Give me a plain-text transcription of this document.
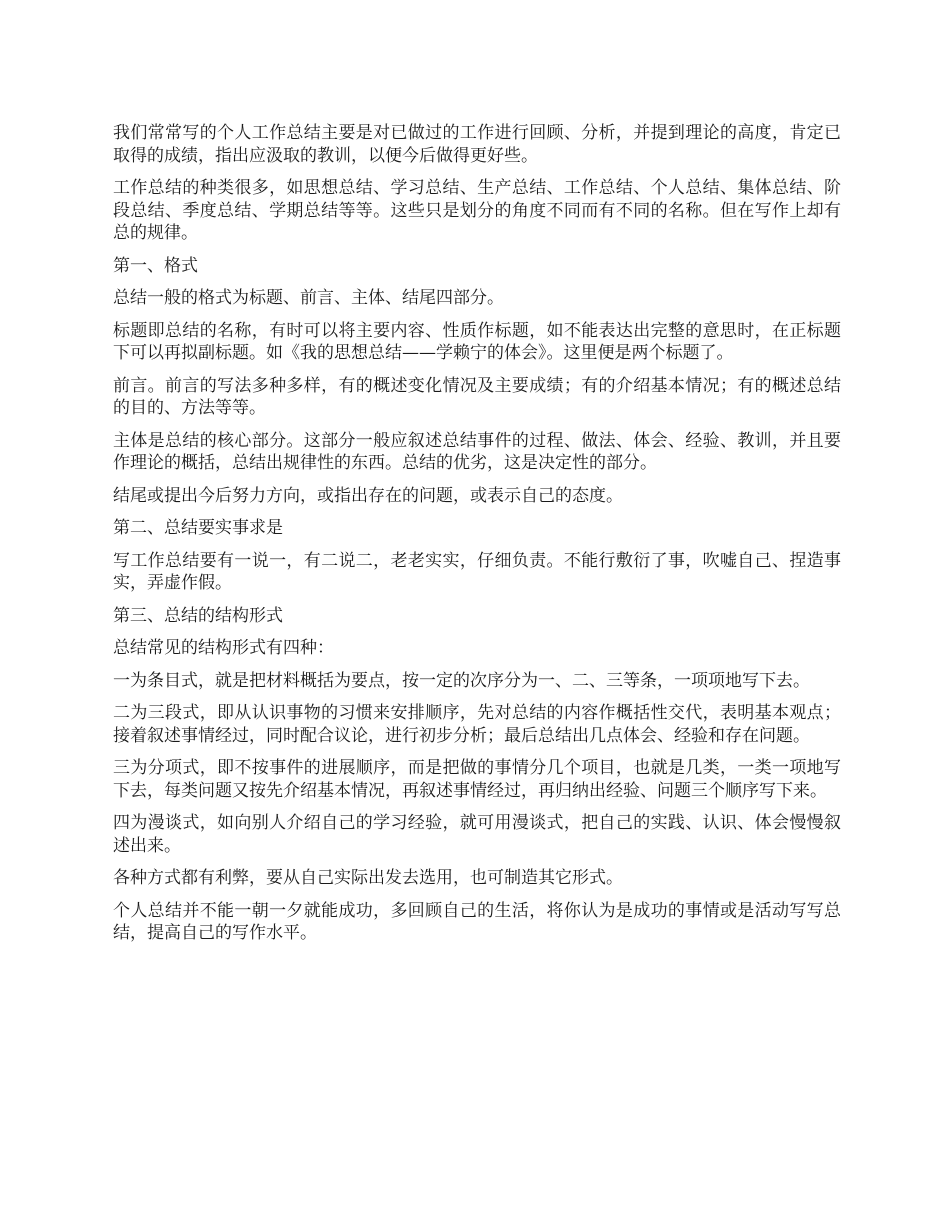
我们常常写的个人工作总结主要是对已做过的工作进行回顾、分析，并提到理论的高度，肯定已取得的成绩，指出应汲取的教训，以便今后做得更好些。

工作总结的种类很多，如思想总结、学习总结、生产总结、工作总结、个人总结、集体总结、阶段总结、季度总结、学期总结等等。这些只是划分的角度不同而有不同的名称。但在写作上却有总的规律。

第一、格式

总结一般的格式为标题、前言、主体、结尾四部分。

标题即总结的名称，有时可以将主要内容、性质作标题，如不能表达出完整的意思时，在正标题下可以再拟副标题。如《我的思想总结——学赖宁的体会》。这里便是两个标题了。

前言。前言的写法多种多样，有的概述变化情况及主要成绩；有的介绍基本情况；有的概述总结的目的、方法等等。

主体是总结的核心部分。这部分一般应叙述总结事件的过程、做法、体会、经验、教训，并且要作理论的概括，总结出规律性的东西。总结的优劣，这是决定性的部分。

结尾或提出今后努力方向，或指出存在的问题，或表示自己的态度。

第二、总结要实事求是

写工作总结要有一说一，有二说二，老老实实，仔细负责。不能行敷衍了事，吹嘘自己、捏造事实，弄虚作假。

第三、总结的结构形式

总结常见的结构形式有四种：

一为条目式，就是把材料概括为要点，按一定的次序分为一、二、三等条，一项项地写下去。

二为三段式，即从认识事物的习惯来安排顺序，先对总结的内容作概括性交代，表明基本观点；接着叙述事情经过，同时配合议论，进行初步分析；最后总结出几点体会、经验和存在问题。

三为分项式，即不按事件的进展顺序，而是把做的事情分几个项目，也就是几类，一类一项地写下去，每类问题又按先介绍基本情况，再叙述事情经过，再归纳出经验、问题三个顺序写下来。

四为漫谈式，如向别人介绍自己的学习经验，就可用漫谈式，把自己的实践、认识、体会慢慢叙述出来。

各种方式都有利弊，要从自己实际出发去选用，也可制造其它形式。

个人总结并不能一朝一夕就能成功，多回顾自己的生活，将你认为是成功的事情或是活动写写总结，提高自己的写作水平。
